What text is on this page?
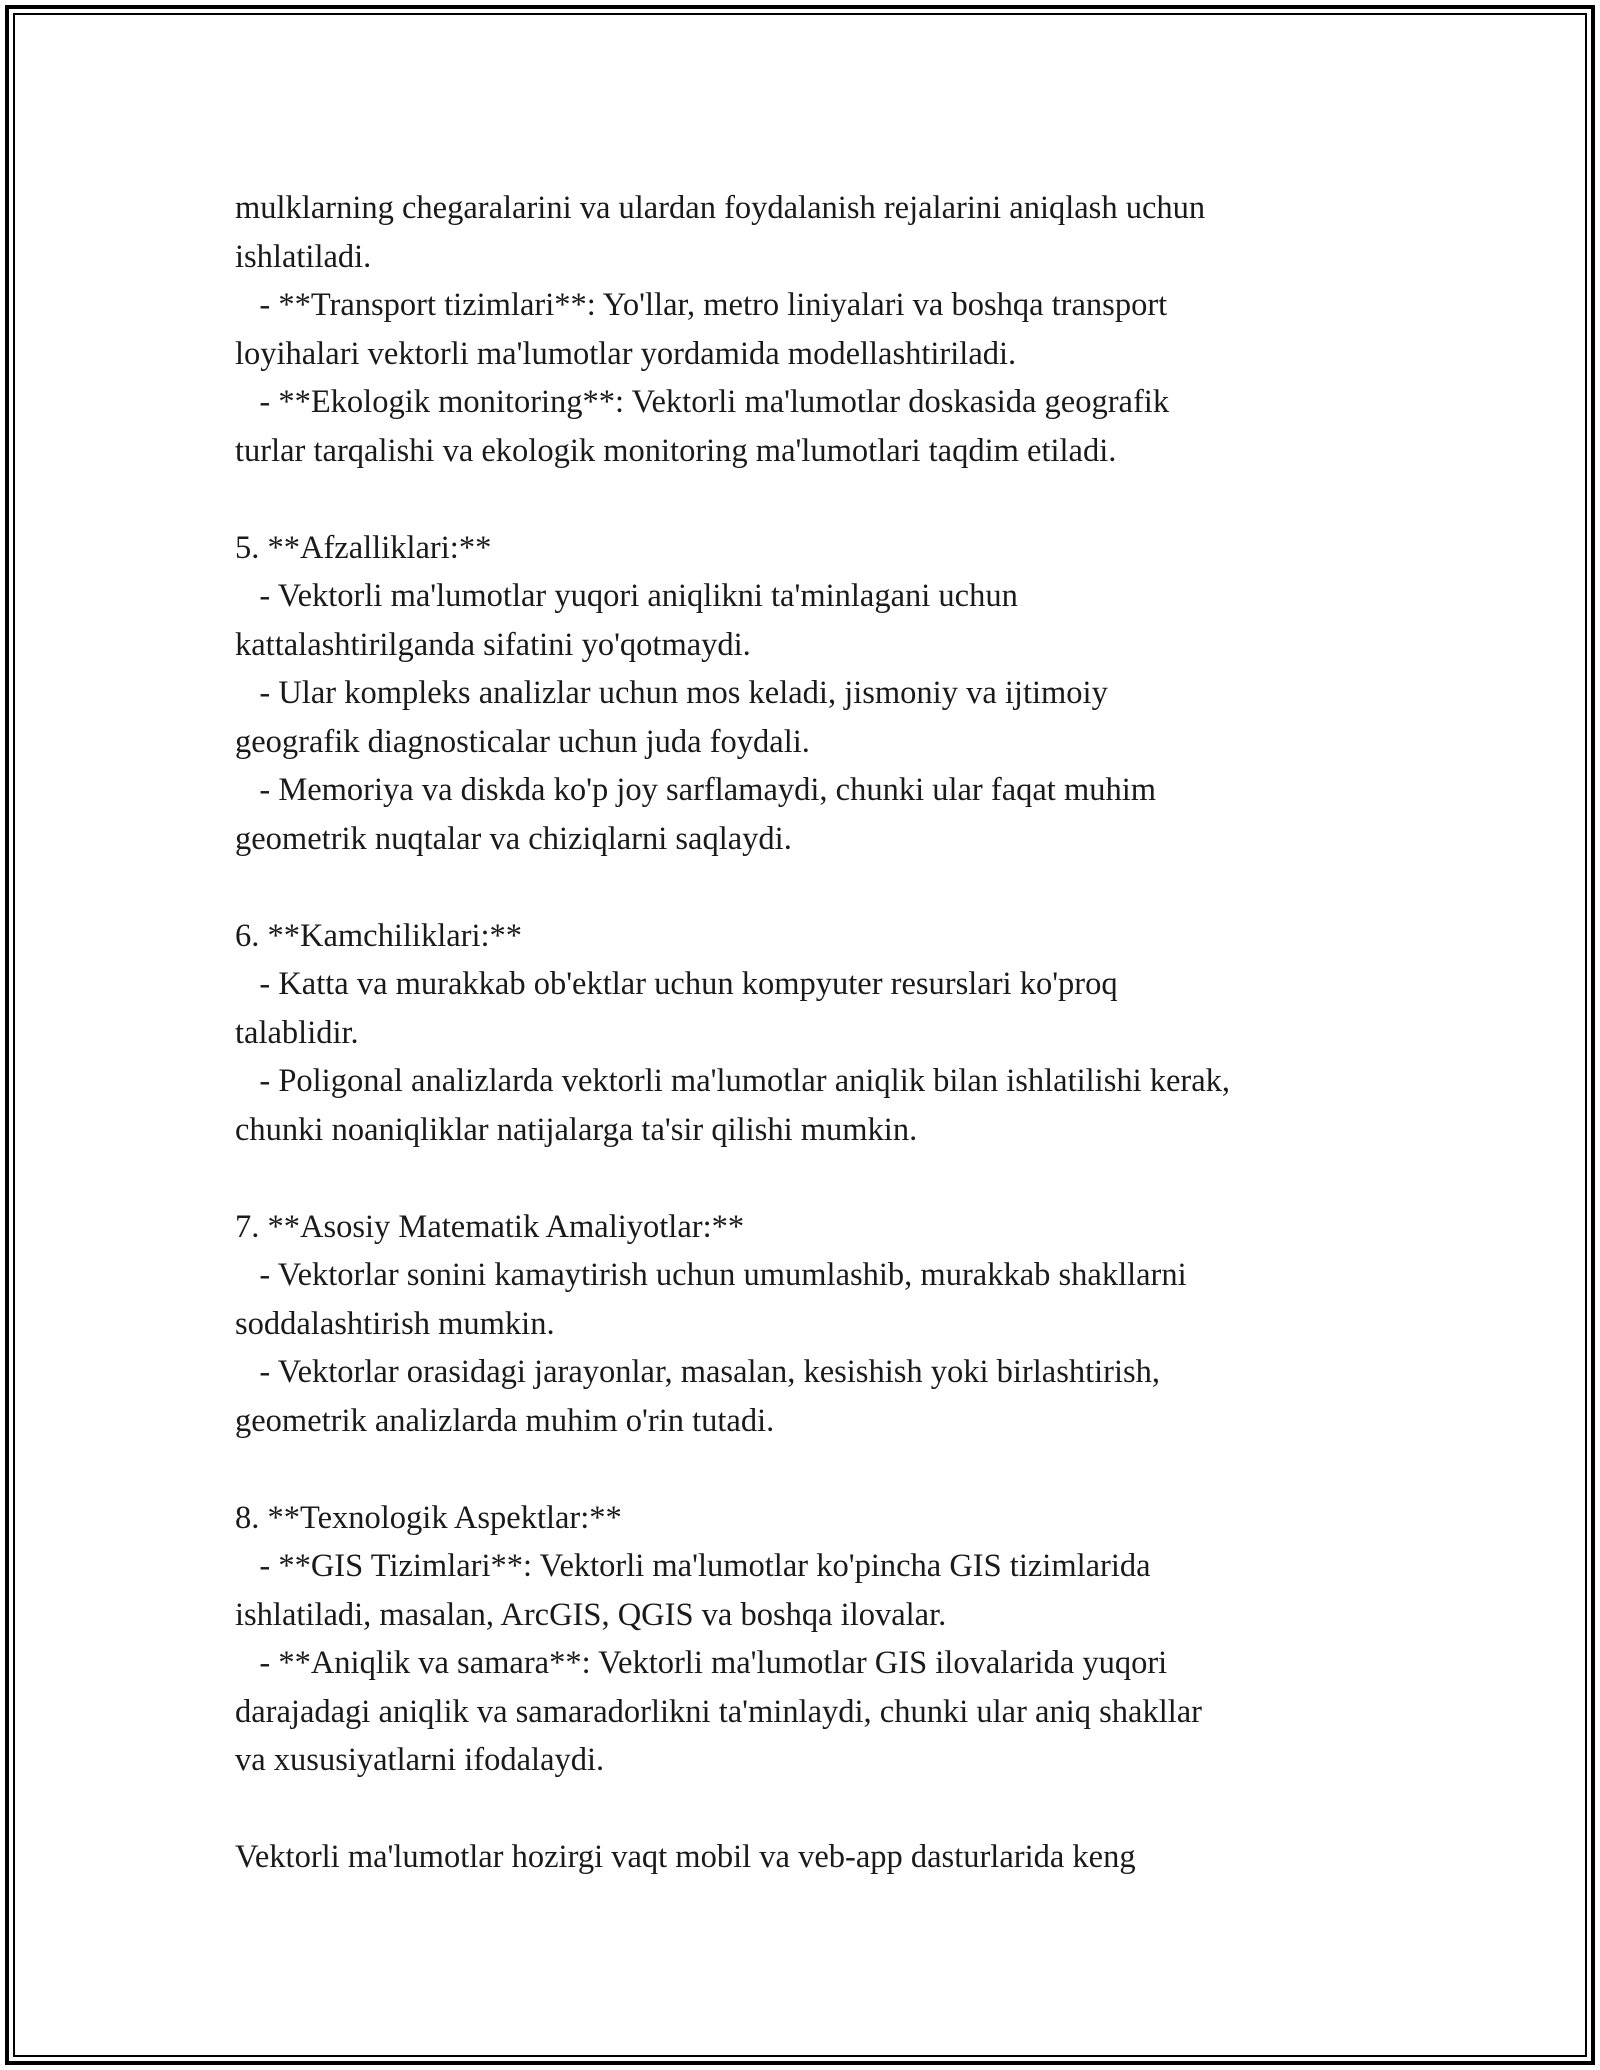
mulklarning chegaralarini va ulardan foydalanish rejalarini aniqlash uchun
ishlatiladi.
- **Transport tizimlari**: Yo'llar, metro liniyalari va boshqa transport
loyihalari vektorli ma'lumotlar yordamida modellashtiriladi.
- **Ekologik monitoring**: Vektorli ma'lumotlar doskasida geografik
turlar tarqalishi va ekologik monitoring ma'lumotlari taqdim etiladi.
5. **Afzalliklari:**
- Vektorli ma'lumotlar yuqori aniqlikni ta'minlagani uchun
kattalashtirilganda sifatini yo'qotmaydi.
- Ular kompleks analizlar uchun mos keladi, jismoniy va ijtimoiy
geografik diagnosticalar uchun juda foydali.
- Memoriya va diskda ko'p joy sarflamaydi, chunki ular faqat muhim
geometrik nuqtalar va chiziqlarni saqlaydi.
6. **Kamchiliklari:**
- Katta va murakkab ob'ektlar uchun kompyuter resurslari ko'proq
talablidir.
- Poligonal analizlarda vektorli ma'lumotlar aniqlik bilan ishlatilishi kerak,
chunki noaniqliklar natijalarga ta'sir qilishi mumkin.
7. **Asosiy Matematik Amaliyotlar:**
- Vektorlar sonini kamaytirish uchun umumlashib, murakkab shakllarni
soddalashtirish mumkin.
- Vektorlar orasidagi jarayonlar, masalan, kesishish yoki birlashtirish,
geometrik analizlarda muhim o'rin tutadi.
8. **Texnologik Aspektlar:**
- **GIS Tizimlari**: Vektorli ma'lumotlar ko'pincha GIS tizimlarida
ishlatiladi, masalan, ArcGIS, QGIS va boshqa ilovalar.
- **Aniqlik va samara**: Vektorli ma'lumotlar GIS ilovalarida yuqori
darajadagi aniqlik va samaradorlikni ta'minlaydi, chunki ular aniq shakllar
va xususiyatlarni ifodalaydi.
Vektorli ma'lumotlar hozirgi vaqt mobil va veb-app dasturlarida keng
